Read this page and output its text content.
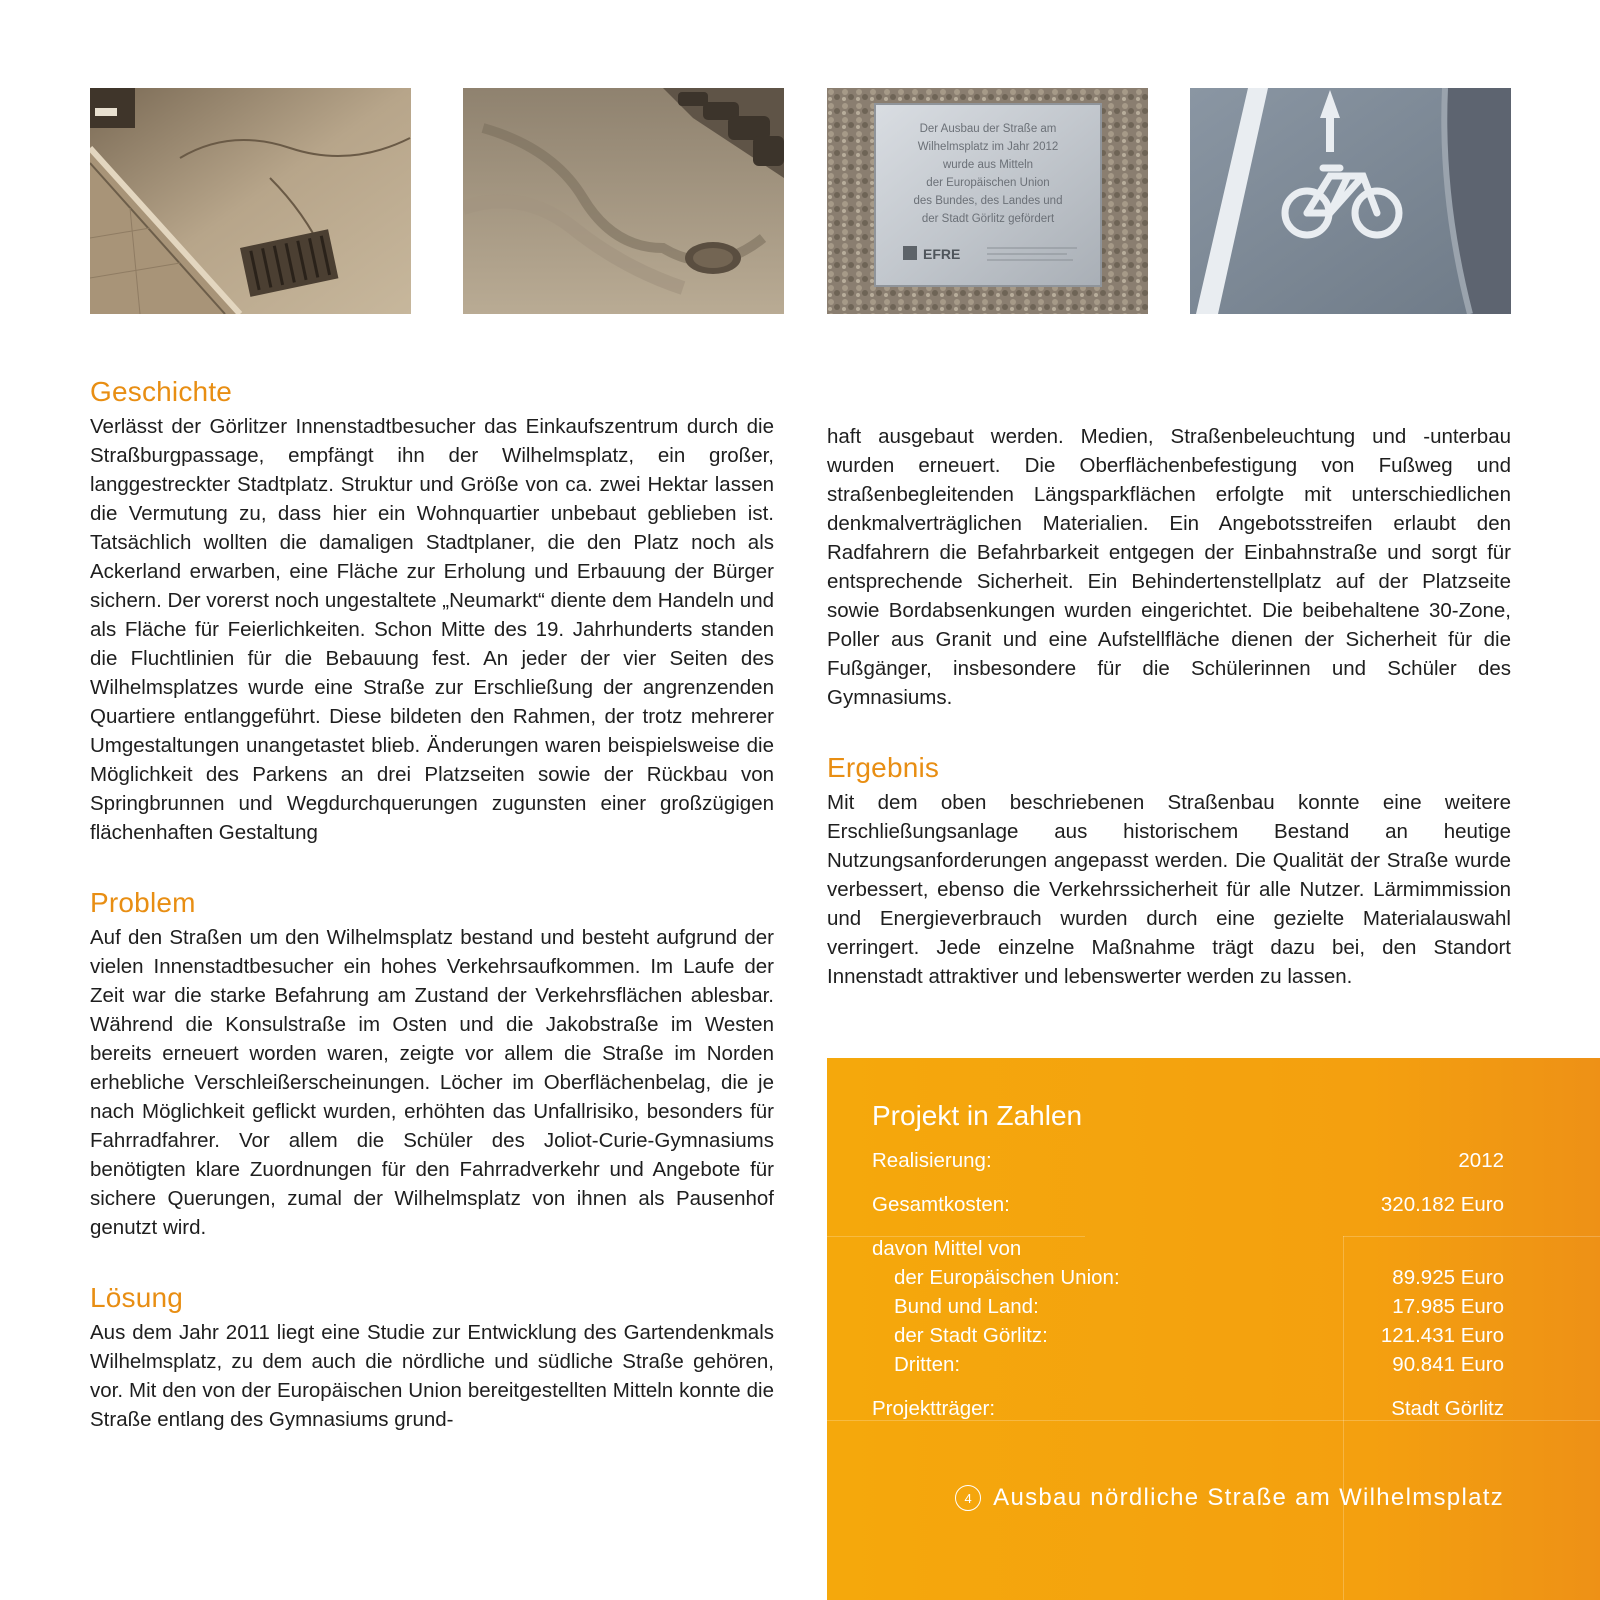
Der Ausbau der Straße am
Wilhelmsplatz im Jahr 2012
wurde aus Mitteln
der Europäischen Union
des Bundes, des Landes und
der Stadt Görlitz gefördert
EFRE
Geschichte

Verlässt der Görlitzer Innenstadtbesucher das Einkaufszentrum durch die Straßburgpassage, empfängt ihn der Wilhelmsplatz, ein großer, langgestreckter Stadtplatz. Struktur und Größe von ca. zwei Hektar lassen die Vermutung zu, dass hier ein Wohnquartier unbebaut geblieben ist. Tatsächlich wollten die damaligen Stadtplaner, die den Platz noch als Ackerland erwarben, eine Fläche zur Erholung und Erbauung der Bürger sichern. Der vorerst noch ungestaltete „Neumarkt“ diente dem Handeln und als Fläche für Feierlichkeiten. Schon Mitte des 19. Jahrhunderts standen die Fluchtlinien für die Bebauung fest. An jeder der vier Seiten des Wilhelmsplatzes wurde eine Straße zur Erschließung der angrenzenden Quartiere entlanggeführt. Diese bildeten den Rahmen, der trotz mehrerer Umgestaltungen unangetastet blieb. Änderungen waren beispielsweise die Möglichkeit des Parkens an drei Platzseiten sowie der Rückbau von Springbrunnen und Wegdurchquerungen zugunsten einer großzügigen flächenhaften Gestaltung

Problem

Auf den Straßen um den Wilhelmsplatz bestand und besteht aufgrund der vielen Innenstadtbesucher ein hohes Verkehrsaufkommen. Im Laufe der Zeit war die starke Befahrung am Zustand der Verkehrsflächen ablesbar. Während die Konsulstraße im Osten und die Jakobstraße im Westen bereits erneuert worden waren, zeigte vor allem die Straße im Norden erhebliche Verschleißerscheinungen. Löcher im Oberflächenbelag, die je nach Möglichkeit geflickt wurden, erhöhten das Unfallrisiko, besonders für Fahrradfahrer. Vor allem die Schüler des Joliot-Curie-Gymnasiums benötigten klare Zuordnungen für den Fahrradverkehr und Angebote für sichere Querungen, zumal der Wilhelmsplatz von ihnen als Pausenhof genutzt wird.

Lösung

Aus dem Jahr 2011 liegt eine Studie zur Entwicklung des Gartendenkmals Wilhelmsplatz, zu dem auch die nördliche und südliche Straße gehören, vor. Mit den von der Europäischen Union bereitgestellten Mitteln konnte die Straße entlang des Gymnasiums grund-

haft ausgebaut werden. Medien, Straßenbeleuchtung und -unterbau wurden erneuert. Die Oberflächenbefestigung von Fußweg und straßenbegleitenden Längsparkflächen erfolgte mit unterschiedlichen denkmalverträglichen Materialien. Ein Angebotsstreifen erlaubt den Radfahrern die Befahrbarkeit entgegen der Einbahnstraße und sorgt für entsprechende Sicherheit. Ein Behindertenstellplatz auf der Platzseite sowie Bordabsenkungen wurden eingerichtet. Die beibehaltene 30-Zone, Poller aus Granit und eine Aufstellfläche dienen der Sicherheit für die Fußgänger, insbesondere für die Schülerinnen und Schüler des Gymnasiums.

Ergebnis

Mit dem oben beschriebenen Straßenbau konnte eine weitere Erschließungsanlage aus historischem Bestand an heutige Nutzungsanforderungen angepasst werden. Die Qualität der Straße wurde verbessert, ebenso die Verkehrssicherheit für alle Nutzer. Lärmimmission und Energieverbrauch wurden durch eine gezielte Materialauswahl verringert. Jede einzelne Maßnahme trägt dazu bei, den Standort Innenstadt attraktiver und lebenswerter werden zu lassen.

Projekt in Zahlen
Realisierung:	2012
Gesamtkosten:	320.182 Euro
davon Mittel von
der Europäischen Union:	89.925 Euro
Bund und Land:	17.985 Euro
der Stadt Görlitz:	121.431 Euro
Dritten:	90.841 Euro
Projektträger:	Stadt Görlitz
4 Ausbau nördliche Straße am Wilhelmsplatz
